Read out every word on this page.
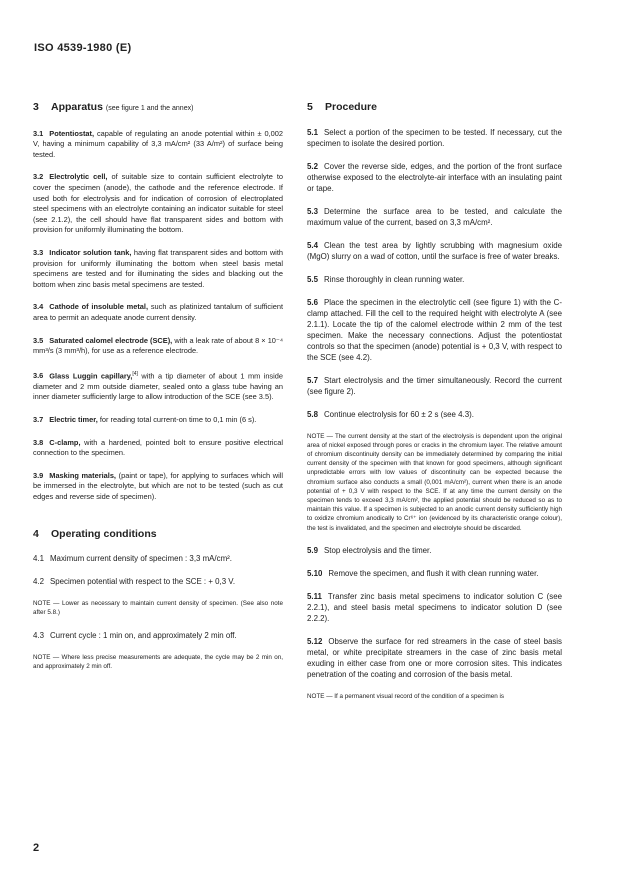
ISO 4539-1980 (E)
3 Apparatus (see figure 1 and the annex)

3.1 Potentiostat, capable of regulating an anode potential within ± 0,002 V, having a minimum capability of 3,3 mA/cm² (33 A/m²) of surface being tested.

3.2 Electrolytic cell, of suitable size to contain sufficient electrolyte to cover the specimen (anode), the cathode and the reference electrode. If used both for electrolysis and for indication of corrosion of electroplated steel specimens with an electrolyte containing an indicator suitable for steel (see 2.1.2), the cell should have flat transparent sides and bottom with provision for uniformly illuminating the bottom.

3.3 Indicator solution tank, having flat transparent sides and bottom with provision for uniformly illuminating the bottom when steel basis metal specimens are tested and for illuminating the sides and blacking out the bottom when zinc basis metal specimens are tested.

3.4 Cathode of insoluble metal, such as platinized tantalum of sufficient area to permit an adequate anode current density.

3.5 Saturated calomel electrode (SCE), with a leak rate of about 8 × 10⁻⁴ mm³/s (3 mm³/h), for use as a reference electrode.

3.6 Glass Luggin capillary,[4] with a tip diameter of about 1 mm inside diameter and 2 mm outside diameter, sealed onto a glass tube having an inner diameter sufficiently large to allow introduction of the SCE (see 3.5).

3.7 Electric timer, for reading total current-on time to 0,1 min (6 s).

3.8 C-clamp, with a hardened, pointed bolt to ensure positive electrical connection to the specimen.

3.9 Masking materials, (paint or tape), for applying to surfaces which will be immersed in the electrolyte, but which are not to be tested (such as cut edges and reverse side of specimen).

4 Operating conditions

4.1 Maximum current density of specimen : 3,3 mA/cm².

4.2 Specimen potential with respect to the SCE : + 0,3 V.

NOTE — Lower as necessary to maintain current density of specimen. (See also note after 5.8.)

4.3 Current cycle : 1 min on, and approximately 2 min off.

NOTE — Where less precise measurements are adequate, the cycle may be 2 min on, and approximately 2 min off.

5 Procedure

5.1 Select a portion of the specimen to be tested. If necessary, cut the specimen to isolate the desired portion.

5.2 Cover the reverse side, edges, and the portion of the front surface otherwise exposed to the electrolyte-air interface with an insulating paint or tape.

5.3 Determine the surface area to be tested, and calculate the maximum value of the current, based on 3,3 mA/cm².

5.4 Clean the test area by lightly scrubbing with magnesium oxide (MgO) slurry on a wad of cotton, until the surface is free of water breaks.

5.5 Rinse thoroughly in clean running water.

5.6 Place the specimen in the electrolytic cell (see figure 1) with the C-clamp attached. Fill the cell to the required height with electrolyte A (see 2.1.1). Locate the tip of the calomel electrode within 2 mm of the test specimen. Make the necessary connections. Adjust the potentiostat controls so that the specimen (anode) potential is + 0,3 V, with respect to the SCE (see 4.2).

5.7 Start electrolysis and the timer simultaneously. Record the current (see figure 2).

5.8 Continue electrolysis for 60 ± 2 s (see 4.3).

NOTE — The current density at the start of the electrolysis is dependent upon the original area of nickel exposed through pores or cracks in the chromium layer. The relative amount of chromium discontinuity density can be immediately determined by comparing the initial current density of the specimen with that known for good specimens, although significant unpredictable errors with low values of discontinuity can be expected because the chromium surface also conducts a small (0,001 mA/cm²), current when there is an anode potential of + 0,3 V with respect to the SCE. If at any time the current density on the specimen tends to exceed 3,3 mA/cm², the applied potential should be reduced so as to maintain this value. If a specimen is subjected to an anodic current density sufficiently high to oxidize chromium anodically to Cr⁶⁺ ion (evidenced by its characteristic orange colour), the test is invalidated, and the specimen and electrolyte should be discarded.

5.9 Stop electrolysis and the timer.

5.10 Remove the specimen, and flush it with clean running water.

5.11 Transfer zinc basis metal specimens to indicator solution C (see 2.2.1), and steel basis metal specimens to indicator solution D (see 2.2.2).

5.12 Observe the surface for red streamers in the case of steel basis metal, or white precipitate streamers in the case of zinc basis metal exuding in either case from one or more corrosion sites. This indicates penetration of the coating and corrosion of the basis metal.

NOTE — If a permanent visual record of the condition of a specimen is

2
